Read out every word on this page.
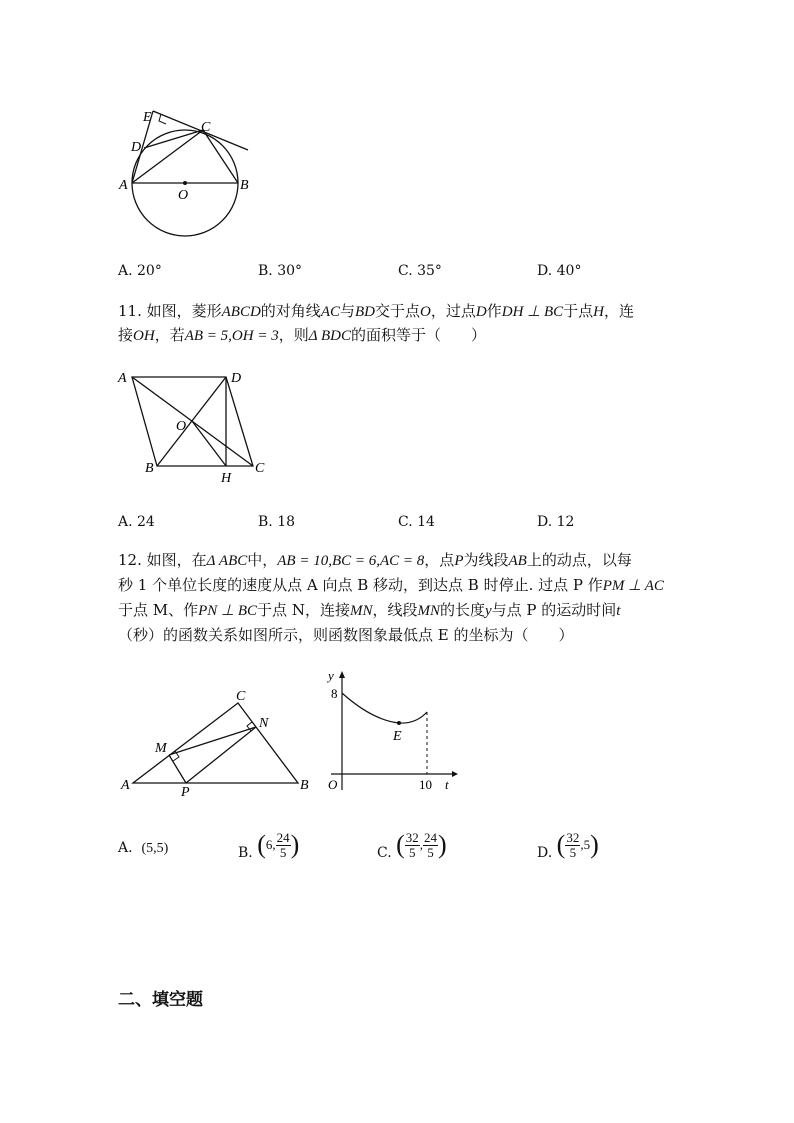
E
C
D
A
O
B
A. 20°	B. 30°	C. 35°	D. 40°
11. 如图，菱形ABCD的对角线AC与BD交于点O，过点D作DH ⊥ BC于点H，连
接OH，若AB = 5,OH = 3，则Δ BDC的面积等于（　　）
A	D
O
B
H
C
A. 24	B. 18	C. 14	D. 12
12. 如图，在Δ ABC中，AB = 10,BC = 6,AC = 8，点P为线段AB上的动点，以每
秒 1 个单位长度的速度从点 A 向点 B 移动，到达点 B 时停止. 过点 P 作PM ⊥ AC
于点 M、作PN ⊥ BC于点 N，连接MN，线段MN的长度y与点 P 的运动时间t
（秒）的函数关系如图所示，则函数图象最低点 E 的坐标为（　　）
C
N
M
A	P	B
y
8
E
O	10 t
A. (5,5)	B. (6, $\frac{24}{5}$ )	C. ( $\frac{32}{5}$ , $\frac{24}{5}$ )	D. ( $\frac{32}{5} ,5$)
二、填空题
